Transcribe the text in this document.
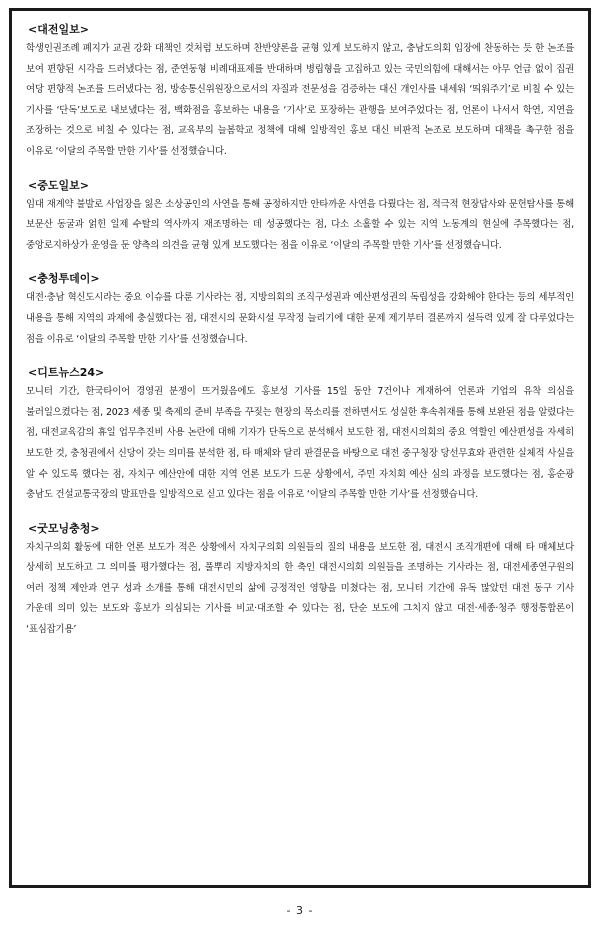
<대전일보>

학생인권조례 폐지가 교권 강화 대책인 것처럼 보도하며 찬반양론을 균형 있게 보도하지 않고, 충남도의회 입장에 찬동하는 듯 한 논조를 보여 편향된 시각을 드러냈다는 점, 준연동형 비례대표제를 반대하며 병립형을 고집하고 있는 국민의힘에 대해서는 아무 언급 없이 집권 여당 편향적 논조를 드러냈다는 점, 방송통신위원장으로서의 자질과 전문성을 검증하는 대신 개인사를 내세워 ‘띄워주기’로 비칠 수 있는 기사를 ‘단독’보도로 내보냈다는 점, 백화점을 홍보하는 내용을 ‘기사’로 포장하는 관행을 보여주었다는 점, 언론이 나서서 학연, 지연을 조장하는 것으로 비칠 수 있다는 점, 교육부의 늘봄학교 정책에 대해 일방적인 홍보 대신 비판적 논조로 보도하며 대책을 촉구한 점을 이유로 ‘이달의 주목할 만한 기사’를 선정했습니다.

<중도일보>

임대 재계약 불발로 사업장을 잃은 소상공인의 사연을 통해 공정하지만 안타까운 사연을 다뤘다는 점, 적극적 현장답사와 문헌탐사를 통해 보문산 동굴과 얽힌 일제 수탈의 역사까지 재조명하는 데 성공했다는 점, 다소 소홀할 수 있는 지역 노동계의 현실에 주목했다는 점, 중앙로지하상가 운영을 둔 양측의 의견을 균형 있게 보도했다는 점을 이유로 ‘이달의 주목할 만한 기사’를 선정했습니다.

<충청투데이>

대전·충남 혁신도시라는 중요 이슈를 다룬 기사라는 점, 지방의회의 조직구성권과 예산편성권의 독립성을 강화해야 한다는 등의 세부적인 내용을 통해 지역의 과제에 충실했다는 점, 대전시의 문화시설 무작정 늘리기에 대한 문제 제기부터 결론까지 설득력 있게 잘 다루었다는 점을 이유로 ‘이달의 주목할 만한 기사’를 선정했습니다.

<디트뉴스24>

모니터 기간, 한국타이어 경영권 분쟁이 뜨거웠음에도 홍보성 기사를 15일 동안 7건이나 게재하여 언론과 기업의 유착 의심을 불러일으켰다는 점, 2023 세종 및 축제의 준비 부족을 꾸짖는 현장의 목소리를 전하면서도 성실한 후속취재를 통해 보완된 점을 알렸다는 점, 대전교육감의 휴일 업무추진비 사용 논란에 대해 기자가 단독으로 분석해서 보도한 점, 대전시의회의 중요 역할인 예산편성을 자세히 보도한 것, 충청권에서 신당이 갖는 의미를 분석한 점, 타 매체와 달리 판결문을 바탕으로 대전 중구청장 당선무효와 관련한 실체적 사실을 알 수 있도록 했다는 점, 자치구 예산안에 대한 지역 언론 보도가 드문 상황에서, 주민 자치회 예산 심의 과정을 보도했다는 점, 홍순광 충남도 건설교통국장의 발표만을 일방적으로 싣고 있다는 점을 이유로 ‘이달의 주목할 만한 기사’를 선정했습니다.

<굿모닝충청>

자치구의회 활동에 대한 언론 보도가 적은 상황에서 자치구의회 의원들의 질의 내용을 보도한 점, 대전시 조직개편에 대해 타 매체보다 상세히 보도하고 그 의미를 평가했다는 점, 풀뿌리 지방자치의 한 축인 대전시의회 의원들을 조명하는 기사라는 점, 대전세종연구원의 여러 정책 제안과 연구 성과 소개를 통해 대전시민의 삶에 긍정적인 영향을 미쳤다는 점, 모니터 기간에 유독 많았던 대전 동구 기사 가운데 의미 있는 보도와 홍보가 의심되는 기사를 비교·대조할 수 있다는 점, 단순 보도에 그치지 않고 대전·세종·청주 행정통합론이 ‘표심잡기용’

- 3 -
